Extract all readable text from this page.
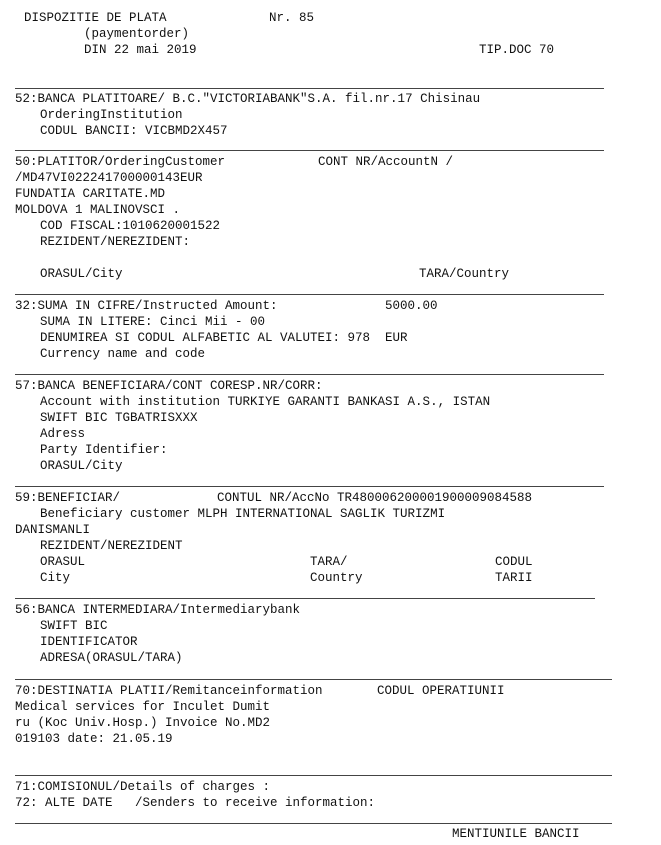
DISPOZITIE DE PLATA	Nr. 85
(paymentorder)
DIN 22 mai 2019	TIP.DOC 70
52:BANCA PLATITOARE/ B.C."VICTORIABANK"S.A. fil.nr.17 Chisinau
OrderingInstitution
CODUL BANCII: VICBMD2X457
50:PLATITOR/OrderingCustomer	CONT NR/AccountN /
/MD47VI022241700000143EUR
FUNDATIA CARITATE.MD
MOLDOVA 1 MALINOVSCI .
COD FISCAL:1010620001522
REZIDENT/NEREZIDENT:
ORASUL/City	TARA/Country
32:SUMA IN CIFRE/Instructed Amount:	5000.00
SUMA IN LITERE: Cinci Mii - 00
DENUMIREA SI CODUL ALFABETIC AL VALUTEI: 978  EUR
Currency name and code
57:BANCA BENEFICIARA/CONT CORESP.NR/CORR:
Account with institution TURKIYE GARANTI BANKASI A.S., ISTAN
SWIFT BIC TGBATRISXXX
Adress
Party Identifier:
ORASUL/City
59:BENEFICIAR/	CONTUL NR/AccNo TR480006200001900009084588
Beneficiary customer MLPH INTERNATIONAL SAGLIK TURIZMI
DANISMANLI
REZIDENT/NEREZIDENT
ORASUL	TARA/	CODUL
City	Country	TARII
56:BANCA INTERMEDIARA/Intermediarybank
SWIFT BIC
IDENTIFICATOR
ADRESA(ORASUL/TARA)
70:DESTINATIA PLATII/Remitanceinformation	CODUL OPERATIUNII
Medical services for Inculet Dumit
ru (Koc Univ.Hosp.) Invoice No.MD2
019103 date: 21.05.19
71:COMISIONUL/Details of charges :
72: ALTE DATE   /Senders to receive information:
MENTIUNILE BANCII
